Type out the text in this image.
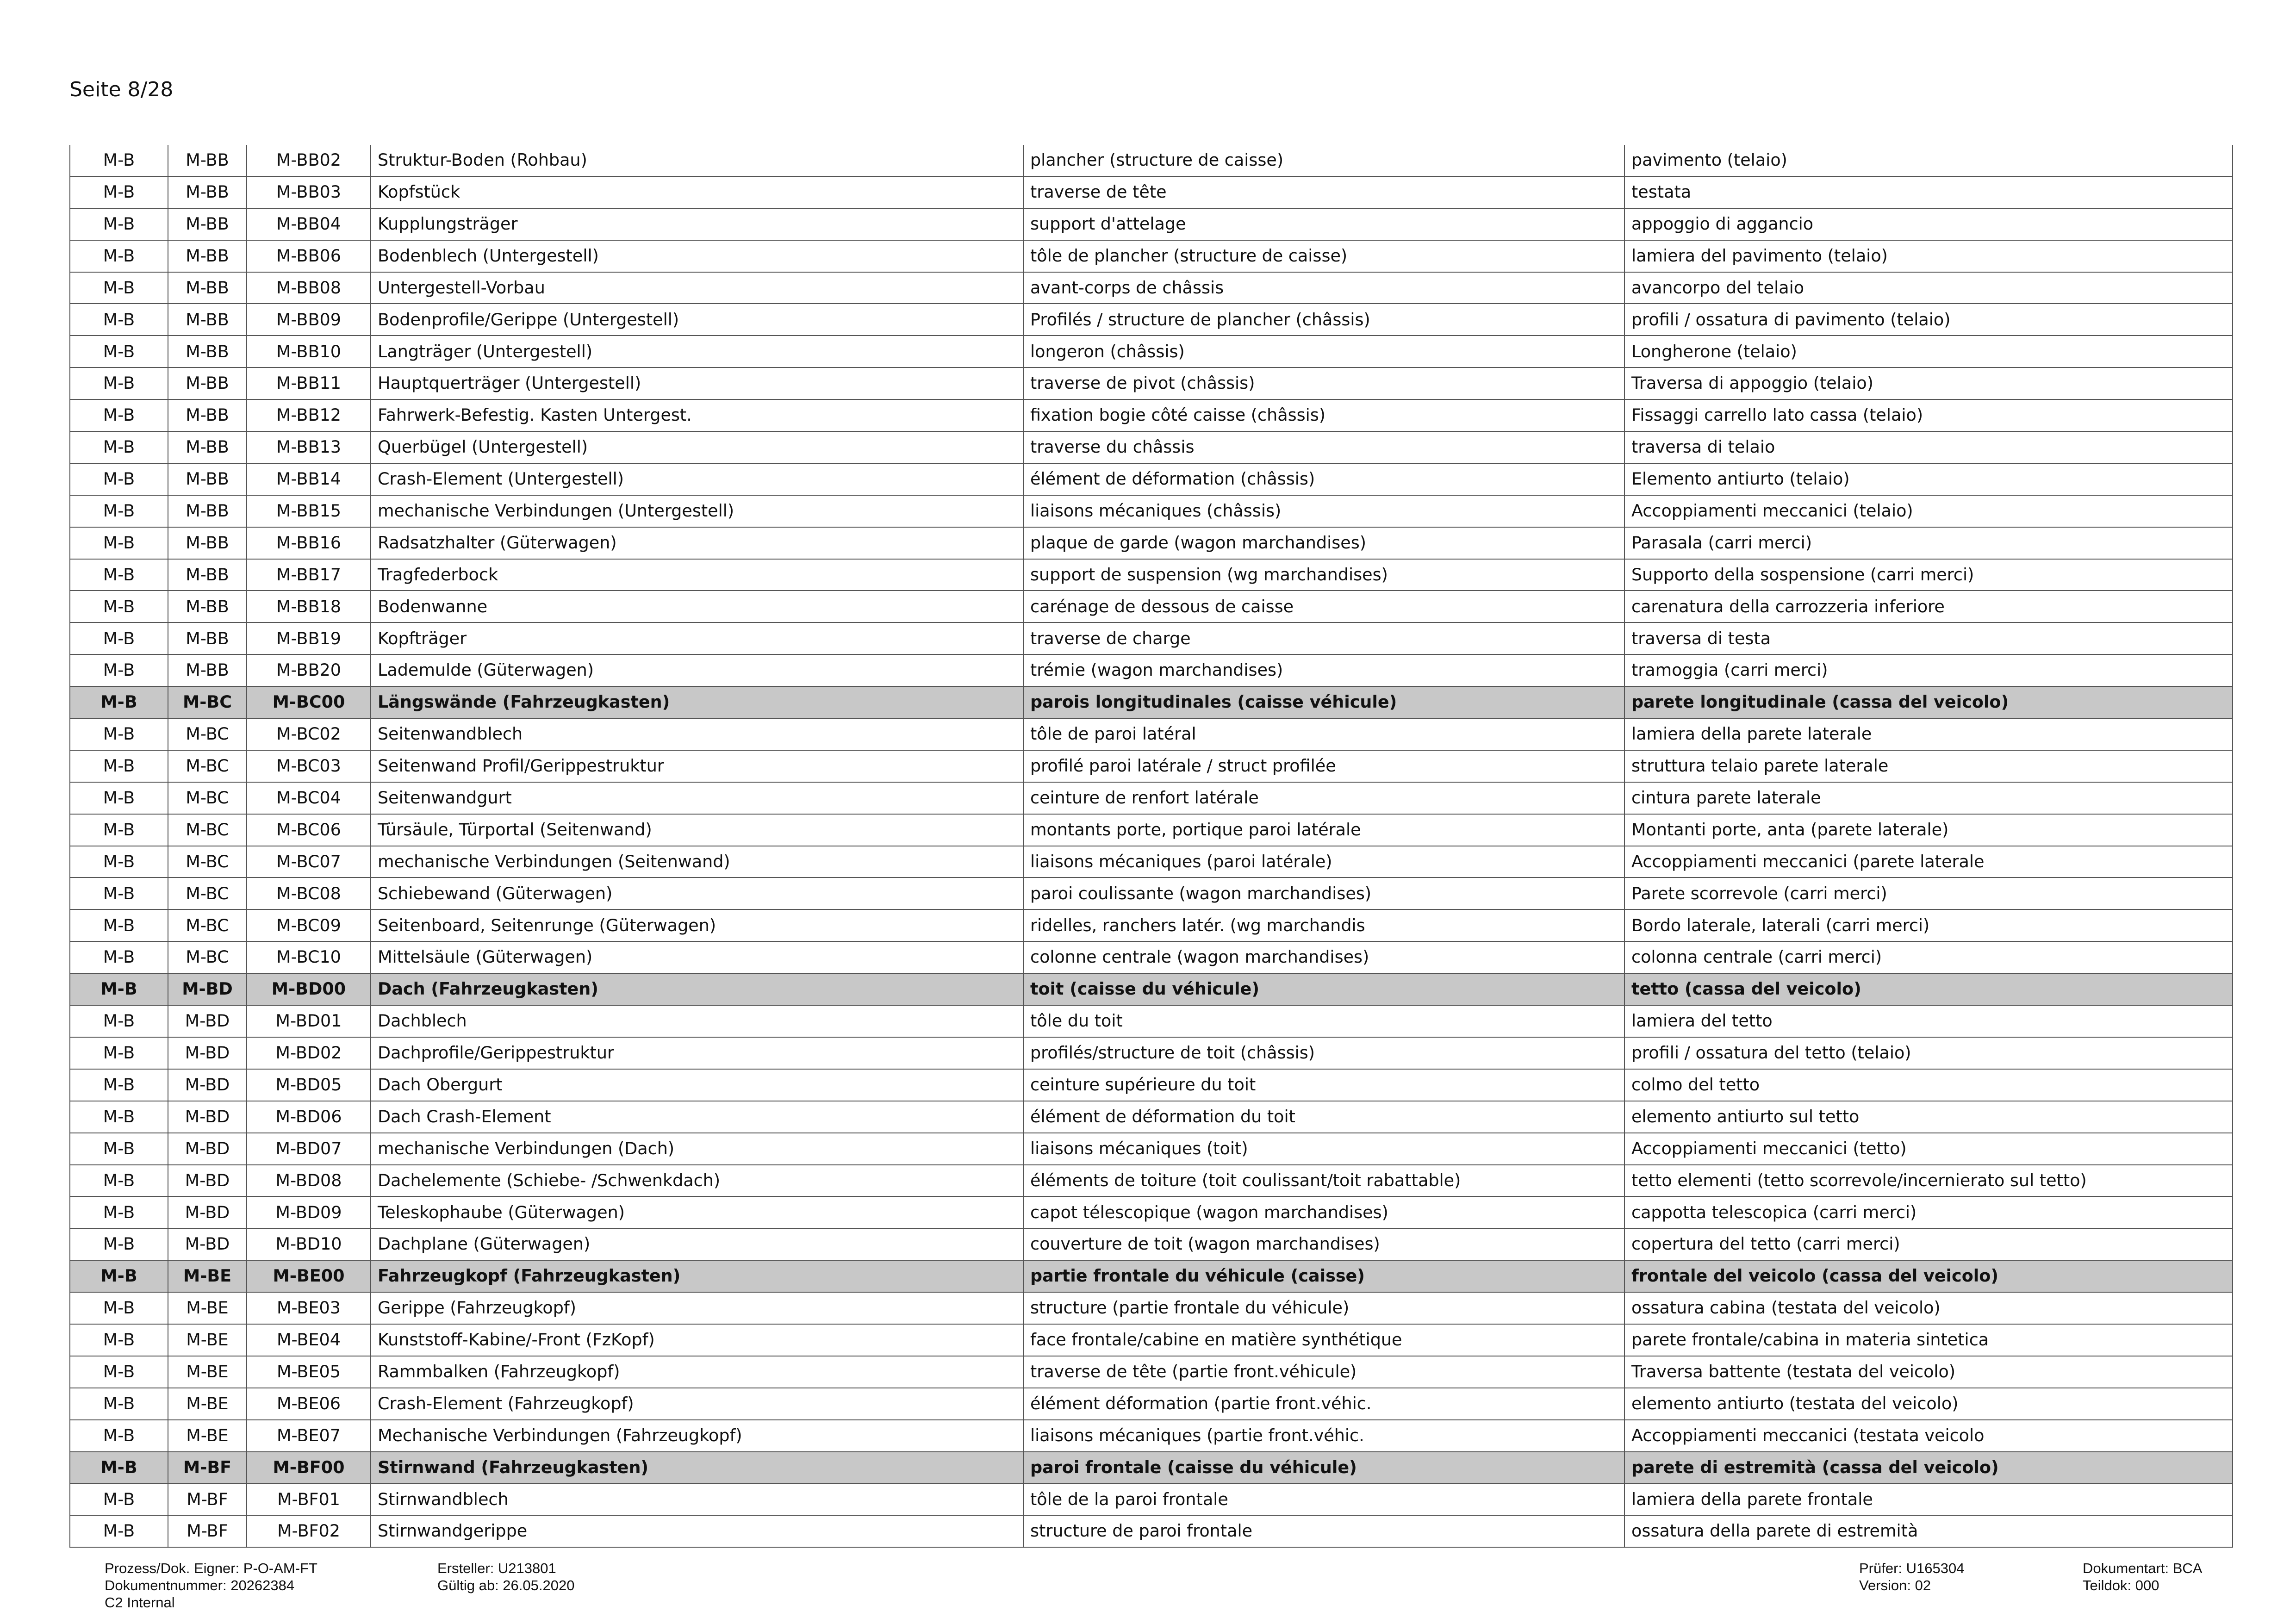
Seite 8/28
M-B	M-BB	M-BB02	Struktur-Boden (Rohbau)	plancher (structure de caisse)	pavimento (telaio)
M-B	M-BB	M-BB03	Kopfstück	traverse de tête	testata
M-B	M-BB	M-BB04	Kupplungsträger	support d'attelage	appoggio di aggancio
M-B	M-BB	M-BB06	Bodenblech (Untergestell)	tôle de plancher (structure de caisse)	lamiera del pavimento (telaio)
M-B	M-BB	M-BB08	Untergestell-Vorbau	avant-corps de châssis	avancorpo del telaio
M-B	M-BB	M-BB09	Bodenprofile/Gerippe (Untergestell)	Profilés / structure de plancher (châssis)	profili / ossatura di pavimento (telaio)
M-B	M-BB	M-BB10	Langträger (Untergestell)	longeron (châssis)	Longherone (telaio)
M-B	M-BB	M-BB11	Hauptquerträger (Untergestell)	traverse de pivot (châssis)	Traversa di appoggio (telaio)
M-B	M-BB	M-BB12	Fahrwerk-Befestig. Kasten Untergest.	fixation bogie côté caisse (châssis)	Fissaggi carrello lato cassa (telaio)
M-B	M-BB	M-BB13	Querbügel (Untergestell)	traverse du châssis	traversa di telaio
M-B	M-BB	M-BB14	Crash-Element (Untergestell)	élément de déformation (châssis)	Elemento antiurto (telaio)
M-B	M-BB	M-BB15	mechanische Verbindungen (Untergestell)	liaisons mécaniques (châssis)	Accoppiamenti meccanici (telaio)
M-B	M-BB	M-BB16	Radsatzhalter (Güterwagen)	plaque de garde (wagon marchandises)	Parasala (carri merci)
M-B	M-BB	M-BB17	Tragfederbock	support de suspension (wg marchandises)	Supporto della sospensione (carri merci)
M-B	M-BB	M-BB18	Bodenwanne	carénage de dessous de caisse	carenatura della carrozzeria inferiore
M-B	M-BB	M-BB19	Kopfträger	traverse de charge	traversa di testa
M-B	M-BB	M-BB20	Lademulde (Güterwagen)	trémie (wagon marchandises)	tramoggia (carri merci)
M-B	M-BC	M-BC00	Längswände (Fahrzeugkasten)	parois longitudinales (caisse véhicule)	parete longitudinale (cassa del veicolo)
M-B	M-BC	M-BC02	Seitenwandblech	tôle de paroi latéral	lamiera della parete laterale
M-B	M-BC	M-BC03	Seitenwand Profil/Gerippestruktur	profilé paroi latérale / struct profilée	struttura telaio parete laterale
M-B	M-BC	M-BC04	Seitenwandgurt	ceinture de renfort latérale	cintura parete laterale
M-B	M-BC	M-BC06	Türsäule, Türportal (Seitenwand)	montants porte, portique paroi latérale	Montanti porte, anta (parete laterale)
M-B	M-BC	M-BC07	mechanische Verbindungen (Seitenwand)	liaisons mécaniques (paroi latérale)	Accoppiamenti meccanici (parete laterale
M-B	M-BC	M-BC08	Schiebewand (Güterwagen)	paroi coulissante (wagon marchandises)	Parete scorrevole (carri merci)
M-B	M-BC	M-BC09	Seitenboard, Seitenrunge (Güterwagen)	ridelles, ranchers latér. (wg marchandis	Bordo laterale, laterali (carri merci)
M-B	M-BC	M-BC10	Mittelsäule (Güterwagen)	colonne centrale (wagon marchandises)	colonna centrale (carri merci)
M-B	M-BD	M-BD00	Dach (Fahrzeugkasten)	toit (caisse du véhicule)	tetto (cassa del veicolo)
M-B	M-BD	M-BD01	Dachblech	tôle du toit	lamiera del tetto
M-B	M-BD	M-BD02	Dachprofile/Gerippestruktur	profilés/structure de toit (châssis)	profili / ossatura del tetto (telaio)
M-B	M-BD	M-BD05	Dach Obergurt	ceinture supérieure du toit	colmo del tetto
M-B	M-BD	M-BD06	Dach Crash-Element	élément de déformation du toit	elemento antiurto sul tetto
M-B	M-BD	M-BD07	mechanische Verbindungen (Dach)	liaisons mécaniques (toit)	Accoppiamenti meccanici (tetto)
M-B	M-BD	M-BD08	Dachelemente (Schiebe- /Schwenkdach)	éléments de toiture (toit coulissant/toit rabattable)	tetto elementi (tetto scorrevole/incernierato sul tetto)
M-B	M-BD	M-BD09	Teleskophaube (Güterwagen)	capot télescopique (wagon marchandises)	cappotta telescopica (carri merci)
M-B	M-BD	M-BD10	Dachplane (Güterwagen)	couverture de toit (wagon marchandises)	copertura del tetto (carri merci)
M-B	M-BE	M-BE00	Fahrzeugkopf (Fahrzeugkasten)	partie frontale du véhicule (caisse)	frontale del veicolo (cassa del veicolo)
M-B	M-BE	M-BE03	Gerippe (Fahrzeugkopf)	structure (partie frontale du véhicule)	ossatura cabina (testata del veicolo)
M-B	M-BE	M-BE04	Kunststoff-Kabine/-Front (FzKopf)	face frontale/cabine en matière synthétique	parete frontale/cabina in materia sintetica
M-B	M-BE	M-BE05	Rammbalken (Fahrzeugkopf)	traverse de tête (partie front.véhicule)	Traversa battente (testata del veicolo)
M-B	M-BE	M-BE06	Crash-Element (Fahrzeugkopf)	élément déformation (partie front.véhic.	elemento antiurto (testata del veicolo)
M-B	M-BE	M-BE07	Mechanische Verbindungen (Fahrzeugkopf)	liaisons mécaniques (partie front.véhic.	Accoppiamenti meccanici (testata veicolo
M-B	M-BF	M-BF00	Stirnwand (Fahrzeugkasten)	paroi frontale (caisse du véhicule)	parete di estremità (cassa del veicolo)
M-B	M-BF	M-BF01	Stirnwandblech	tôle de la paroi frontale	lamiera della parete frontale
M-B	M-BF	M-BF02	Stirnwandgerippe	structure de paroi frontale	ossatura della parete di estremità
Prozess/Dok. Eigner: P-O-AM-FT
Dokumentnummer: 20262384
C2 Internal
Ersteller: U213801
Gültig ab: 26.05.2020
Prüfer: U165304
Version: 02
Dokumentart: BCA
Teildok: 000
